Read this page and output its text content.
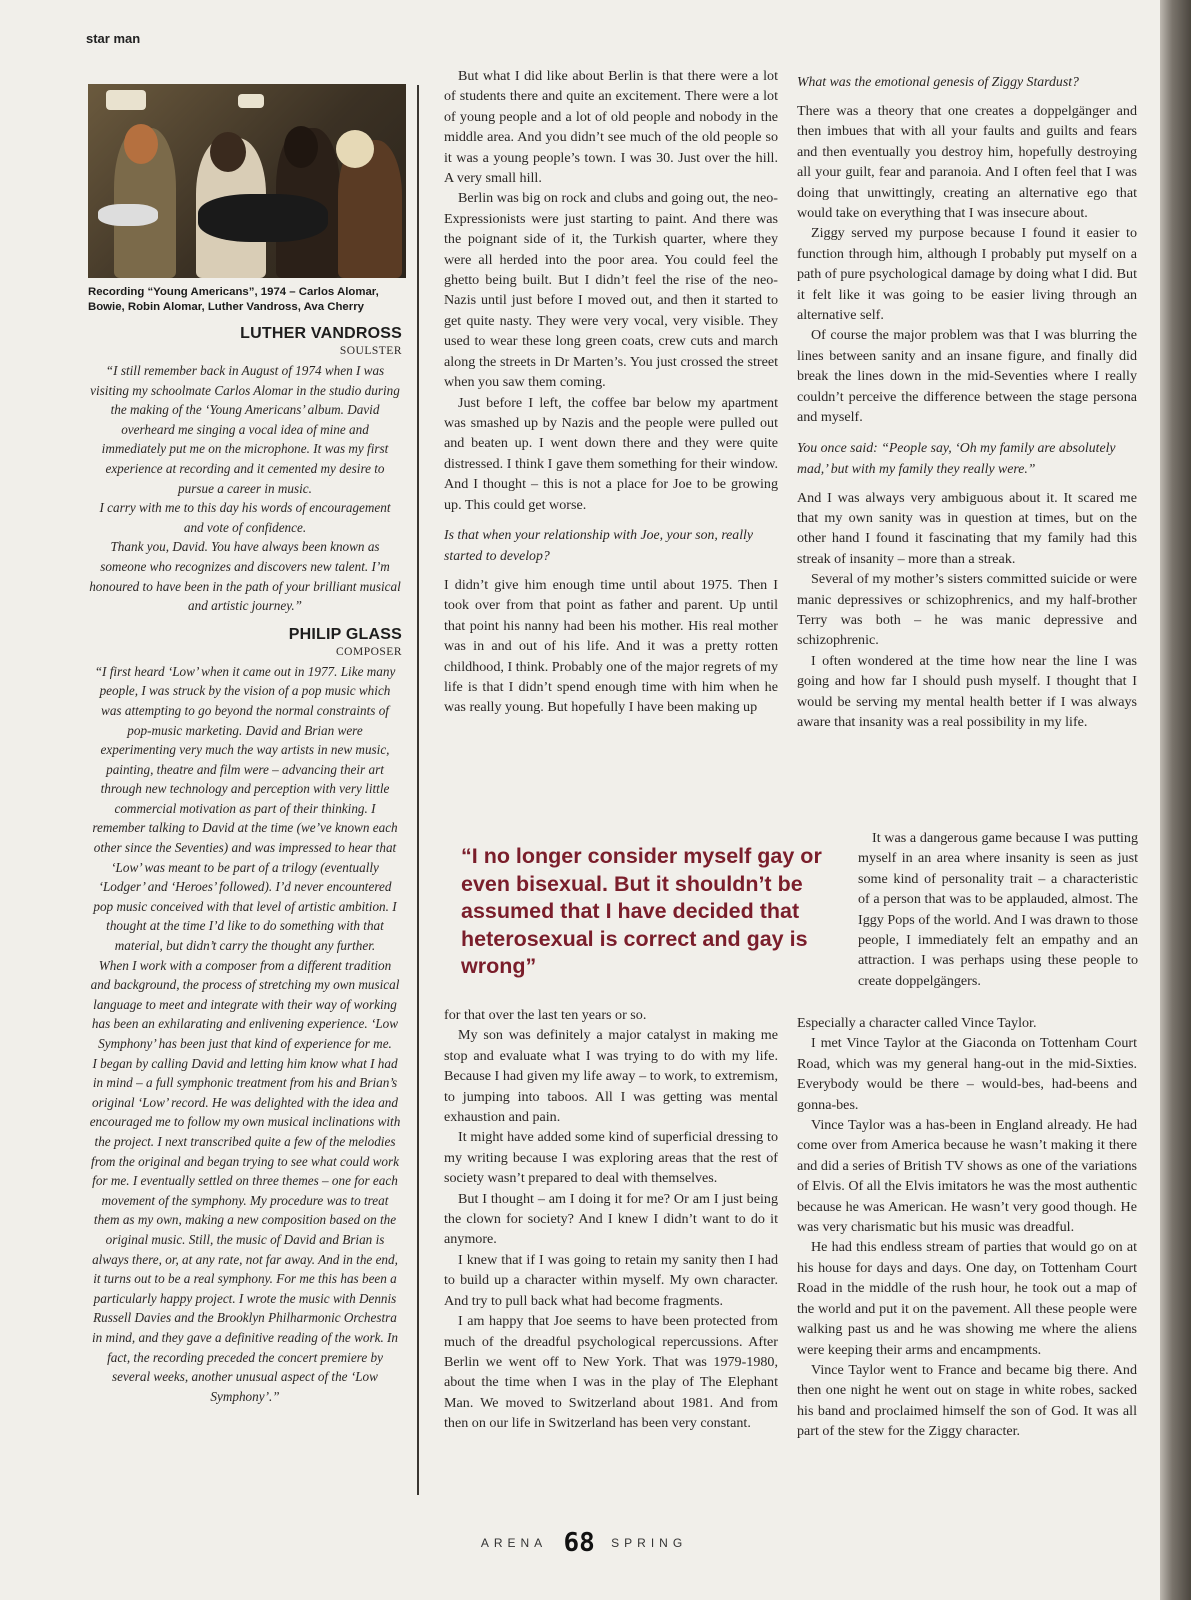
star man
Recording “Young Americans”, 1974 – Carlos Alomar, Bowie, Robin Alomar, Luther Vandross, Ava Cherry
LUTHER VANDROSS
SOULSTER

“I still remember back in August of 1974 when I was visiting my schoolmate Carlos Alomar in the studio during the making of the ‘Young Americans’ album. David overheard me singing a vocal idea of mine and immediately put me on the microphone. It was my first experience at recording and it cemented my desire to pursue a career in music.

I carry with me to this day his words of encouragement and vote of confidence.

Thank you, David. You have always been known as someone who recognizes and discovers new talent. I’m honoured to have been in the path of your brilliant musical and artistic journey.”

PHILIP GLASS
COMPOSER

“I first heard ‘Low’ when it came out in 1977. Like many people, I was struck by the vision of a pop music which was attempting to go beyond the normal constraints of pop-music marketing. David and Brian were experimenting very much the way artists in new music, painting, theatre and film were – advancing their art through new technology and perception with very little commercial motivation as part of their thinking. I remember talking to David at the time (we’ve known each other since the Seventies) and was impressed to hear that ‘Low’ was meant to be part of a trilogy (eventually ‘Lodger’ and ‘Heroes’ followed). I’d never encountered pop music conceived with that level of artistic ambition. I thought at the time I’d like to do something with that material, but didn’t carry the thought any further.

When I work with a composer from a different tradition and background, the process of stretching my own musical language to meet and integrate with their way of working has been an exhilarating and enlivening experience. ‘Low Symphony’ has been just that kind of experience for me.

I began by calling David and letting him know what I had in mind – a full symphonic treatment from his and Brian’s original ‘Low’ record. He was delighted with the idea and encouraged me to follow my own musical inclinations with the project. I next transcribed quite a few of the melodies from the original and began trying to see what could work for me. I eventually settled on three themes – one for each movement of the symphony. My procedure was to treat them as my own, making a new composition based on the original music. Still, the music of David and Brian is always there, or, at any rate, not far away. And in the end, it turns out to be a real symphony. For me this has been a particularly happy project. I wrote the music with Dennis Russell Davies and the Brooklyn Philharmonic Orchestra in mind, and they gave a definitive reading of the work. In fact, the recording preceded the concert premiere by several weeks, another unusual aspect of the ‘Low Symphony’.”

But what I did like about Berlin is that there were a lot of students there and quite an excitement. There were a lot of young people and a lot of old people and nobody in the middle area. And you didn’t see much of the old people so it was a young people’s town. I was 30. Just over the hill. A very small hill.

Berlin was big on rock and clubs and going out, the neo-Expressionists were just starting to paint. And there was the poignant side of it, the Turkish quarter, where they were all herded into the poor area. You could feel the ghetto being built. But I didn’t feel the rise of the neo-Nazis until just before I moved out, and then it started to get quite nasty. They were very vocal, very visible. They used to wear these long green coats, crew cuts and march along the streets in Dr Marten’s. You just crossed the street when you saw them coming.

Just before I left, the coffee bar below my apartment was smashed up by Nazis and the people were pulled out and beaten up. I went down there and they were quite distressed. I think I gave them something for their window. And I thought – this is not a place for Joe to be growing up. This could get worse.

Is that when your relationship with Joe, your son, really started to develop?

I didn’t give him enough time until about 1975. Then I took over from that point as father and parent. Up until that point his nanny had been his mother. His real mother was in and out of his life. And it was a pretty rotten childhood, I think. Probably one of the major regrets of my life is that I didn’t spend enough time with him when he was really young. But hopefully I have been making up

“I no longer consider myself gay or even bisexual. But it shouldn’t be assumed that I have decided that heterosexual is correct and gay is wrong”

for that over the last ten years or so.

My son was definitely a major catalyst in making me stop and evaluate what I was trying to do with my life. Because I had given my life away – to work, to extremism, to jumping into taboos. All I was getting was mental exhaustion and pain.

It might have added some kind of superficial dressing to my writing because I was exploring areas that the rest of society wasn’t prepared to deal with themselves.

But I thought – am I doing it for me? Or am I just being the clown for society? And I knew I didn’t want to do it anymore.

I knew that if I was going to retain my sanity then I had to build up a character within myself. My own character. And try to pull back what had become fragments.

I am happy that Joe seems to have been protected from much of the dreadful psychological repercussions. After Berlin we went off to New York. That was 1979-1980, about the time when I was in the play of The Elephant Man. We moved to Switzerland about 1981. And from then on our life in Switzerland has been very constant.

What was the emotional genesis of Ziggy Stardust?

There was a theory that one creates a doppelgänger and then imbues that with all your faults and guilts and fears and then eventually you destroy him, hopefully destroying all your guilt, fear and paranoia. And I often feel that I was doing that unwittingly, creating an alternative ego that would take on everything that I was insecure about.

Ziggy served my purpose because I found it easier to function through him, although I probably put myself on a path of pure psychological damage by doing what I did. But it felt like it was going to be easier living through an alternative self.

Of course the major problem was that I was blurring the lines between sanity and an insane figure, and finally did break the lines down in the mid-Seventies where I really couldn’t perceive the difference between the stage persona and myself.

You once said: “People say, ‘Oh my family are absolutely mad,’ but with my family they really were.”

And I was always very ambiguous about it. It scared me that my own sanity was in question at times, but on the other hand I found it fascinating that my family had this streak of insanity – more than a streak.

Several of my mother’s sisters committed suicide or were manic depressives or schizophrenics, and my half-brother Terry was both – he was manic depressive and schizophrenic.

I often wondered at the time how near the line I was going and how far I should push myself. I thought that I would be serving my mental health better if I was always aware that insanity was a real possibility in my life.

It was a dangerous game because I was putting myself in an area where insanity is seen as just some kind of personality trait – a characteristic of a person that was to be applauded, almost. The Iggy Pops of the world. And I was drawn to those people, I immediately felt an empathy and an attraction. I was perhaps using these people to create doppelgängers.

Especially a character called Vince Taylor.

I met Vince Taylor at the Giaconda on Tottenham Court Road, which was my general hang-out in the mid-Sixties. Everybody would be there – would-bes, had-beens and gonna-bes.

Vince Taylor was a has-been in England already. He had come over from America because he wasn’t making it there and did a series of British TV shows as one of the variations of Elvis. Of all the Elvis imitators he was the most authentic because he was American. He wasn’t very good though. He was very charismatic but his music was dreadful.

He had this endless stream of parties that would go on at his house for days and days. One day, on Tottenham Court Road in the middle of the rush hour, he took out a map of the world and put it on the pavement. All these people were walking past us and he was showing me where the aliens were keeping their arms and encampments.

Vince Taylor went to France and became big there. And then one night he went out on stage in white robes, sacked his band and proclaimed himself the son of God. It was all part of the stew for the Ziggy character.

ARENA 68 SPRING
